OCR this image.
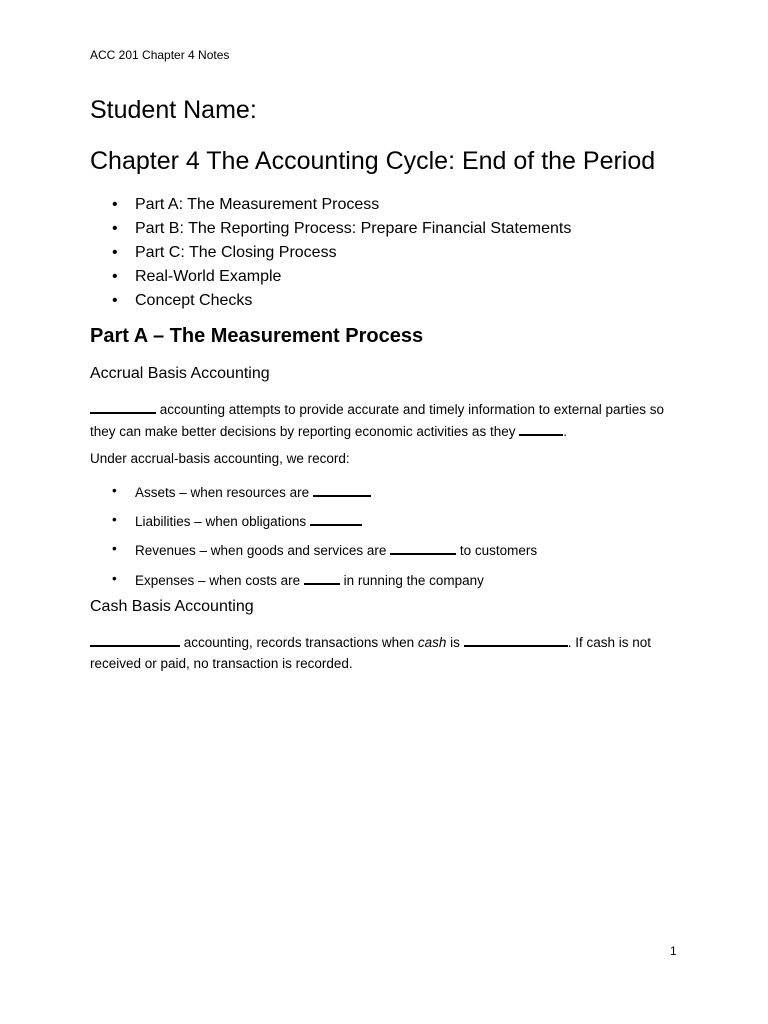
ACC 201 Chapter 4 Notes
Student Name:
Chapter 4 The Accounting Cycle: End of the Period
• Part A: The Measurement Process
• Part B: The Reporting Process: Prepare Financial Statements
• Part C: The Closing Process
• Real-World Example
• Concept Checks
Part A – The Measurement Process
Accrual Basis Accounting
accounting attempts to provide accurate and timely information to external parties so they can make better decisions by reporting economic activities as they	.
Under accrual-basis accounting, we record:
• Assets – when resources are
• Liabilities – when obligations
• Revenues – when goods and services are	to customers
• Expenses – when costs are	in running the company
Cash Basis Accounting
accounting, records transactions when cash is	. If cash is not received or paid, no transaction is recorded.
1
